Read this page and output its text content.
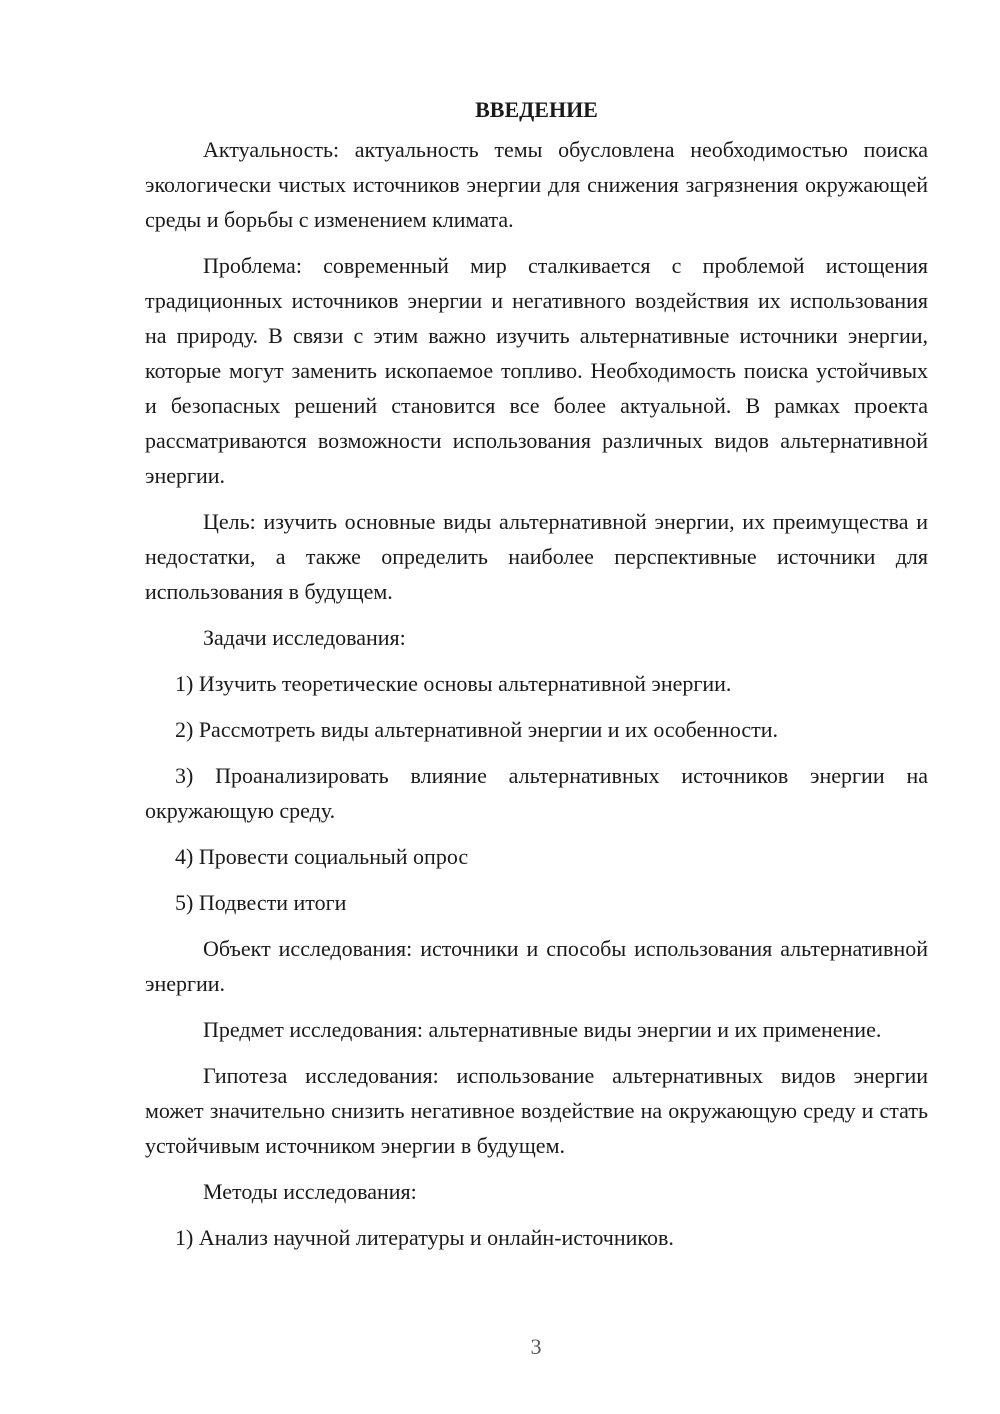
ВВЕДЕНИЕ

Актуальность: актуальность темы обусловлена необходимостью поиска экологически чистых источников энергии для снижения загрязнения окружающей среды и борьбы с изменением климата.

Проблема: современный мир сталкивается с проблемой истощения традиционных источников энергии и негативного воздействия их использования на природу. В связи с этим важно изучить альтернативные источники энергии, которые могут заменить ископаемое топливо. Необходимость поиска устойчивых и безопасных решений становится все более актуальной. В рамках проекта рассматриваются возможности использования различных видов альтернативной энергии.

Цель: изучить основные виды альтернативной энергии, их преимущества и недостатки, а также определить наиболее перспективные источники для использования в будущем.

Задачи исследования:

1) Изучить теоретические основы альтернативной энергии.

2) Рассмотреть виды альтернативной энергии и их особенности.

3) Проанализировать влияние альтернативных источников энергии на окружающую среду.

4) Провести социальный опрос

5) Подвести итоги

Объект исследования: источники и способы использования альтернативной энергии.

Предмет исследования: альтернативные виды энергии и их применение.

Гипотеза исследования: использование альтернативных видов энергии может значительно снизить негативное воздействие на окружающую среду и стать устойчивым источником энергии в будущем.

Методы исследования:

1) Анализ научной литературы и онлайн-источников.

3
